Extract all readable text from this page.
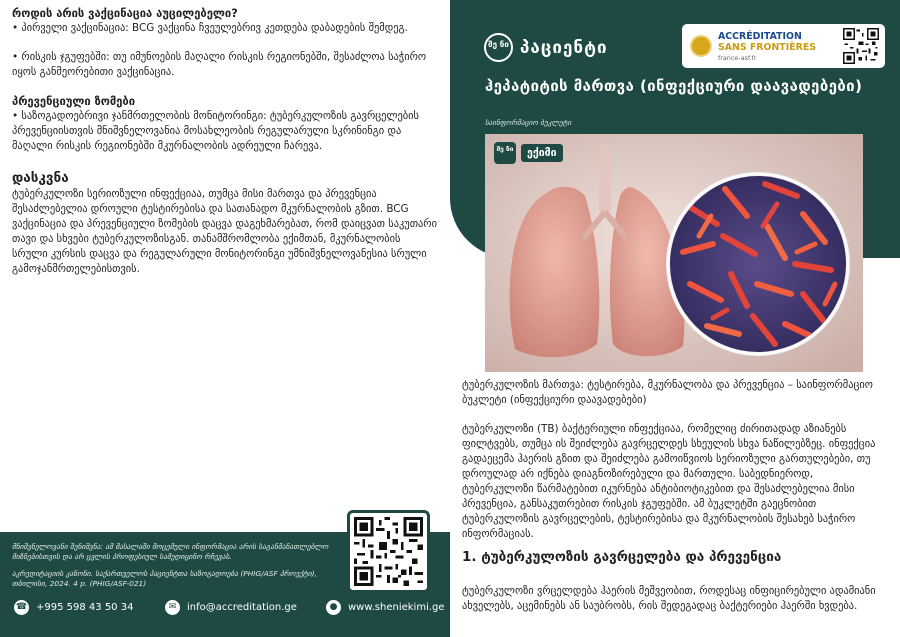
როდის არის ვაქცინაცია აუცილებელი?

• პირველი ვაქცინაცია: BCG ვაქცინა ჩვეულებრივ კეთდება დაბადების შემდეგ.

• რისკის ჯგუფებში: თუ იმუნოების მაღალი რისკის რეგიონებში, შესაძლოა საჭირო იყოს განმეორებითი ვაქცინაცია.

პრევენციული ზომები

• საზოგადოებრივი ჯანმრთელობის მონიტორინგი: ტუბერკულოზის გავრცელების პრევენციისთვის მნიშვნელოვანია მოსახლეობის რეგულარული სკრინინგი და მაღალი რისკის რეგიონებში მკურნალობის ადრეული ჩარევა.

დასკვნა

ტუბერკულოზი სერიოზული ინფექციაა, თუმცა მისი მართვა და პრევენცია შესაძლებელია დროული ტესტირებისა და სათანადო მკურნალობის გზით. BCG ვაქცინაცია და პრევენციული ზომების დაცვა დაგეხმარებათ, რომ დაიცვათ საკუთარი თავი და სხვები ტუბერკულოზისგან. თანამშრომლობა ექიმთან, მკურნალობის სრული კურსის დაცვა და რეგულარული მონიტორინგი უმნიშვნელოვანესია სრული გამოჯანმრთელებისთვის.

მნიშვნელოვანი შენიშვნა: ამ მასალაში მოცემული ინფორმაცია არის საგანმანათლებლო მიზნებისთვის და არ ცვლის პროფესიულ სამედიცინო რჩევას.

აკრედიტაციის კანონი. საქართველოს პაციენტთა საზოგადოება (PHIG/ASF პროექტი), თბილისი, 2024. 4 p. (PHIG/ASF-021)

☎ +995 598 43 50 34	✉	info@accreditation.ge	●	www.sheniekimi.ge
შე ნი პაციენტი
ACCRÉDITATION
SANS FRONTIÈRES
france-asf.fr
ჰეპატიტის მართვა (ინფექციური დაავადებები)
საინფორმაციო ბუკლეტი
შე ნი	ექიმი
ტუბერკულოზის მართვა: ტესტირება, მკურნალობა და პრევენცია – საინფორმაციო ბუკლეტი (ინფექციური დაავადებები)
ტუბერკულოზი (TB) ბაქტერიული ინფექციაა, რომელიც ძირითადად აზიანებს ფილტვებს, თუმცა ის შეიძლება გავრცელდეს სხეულის სხვა ნაწილებზეც. ინფექცია გადაეცემა ჰაერის გზით და შეიძლება გამოიწვიოს სერიოზული გართულებები, თუ დროულად არ იქნება დიაგნოზირებული და მართული. საბედნიეროდ, ტუბერკულოზი წარმატებით იკურნება ანტიბიოტიკებით და შესაძლებელია მისი პრევენცია, განსაკუთრებით რისკის ჯგუფებში. ამ ბუკლეტში გაეცნობით ტუბერკულოზის გავრცელების, ტესტირებისა და მკურნალობის შესახებ საჭირო ინფორმაციას.
1. ტუბერკულოზის გავრცელება და პრევენცია
ტუბერკულოზი ვრცელდება ჰაერის მეშვეობით, როდესაც ინფიცირებული ადამიანი ახველებს, აცემინებს ან საუბრობს, რის შედეგადაც ბაქტერიები ჰაერში ხვდება.
